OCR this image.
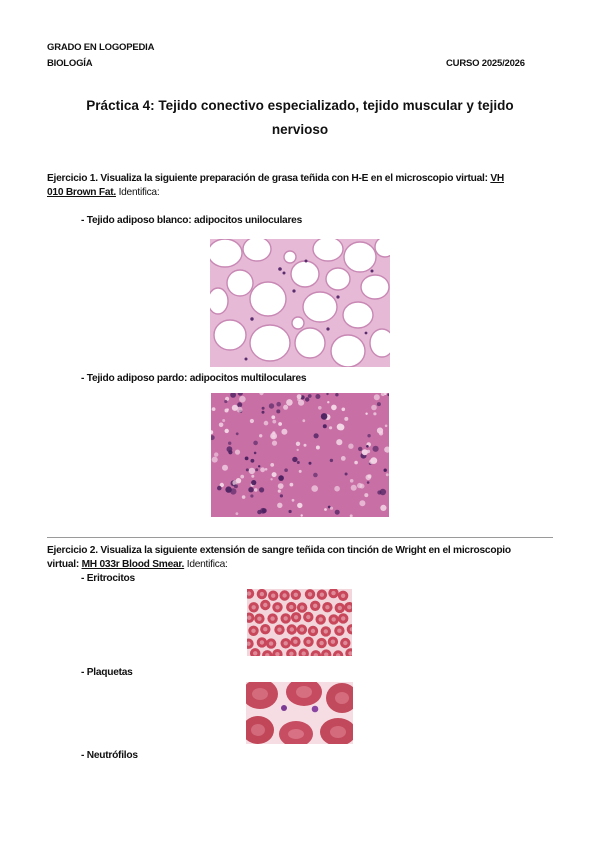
GRADO EN LOGOPEDIA
BIOLOGÍA	CURSO 2025/2026
Práctica 4: Tejido conectivo especializado, tejido muscular y tejido
nervioso
Ejercicio 1. Visualiza la siguiente preparación de grasa teñida con H-E en el microscopio virtual: VH
010 Brown Fat. Identifica:
- Tejido adiposo blanco: adipocitos uniloculares
- Tejido adiposo pardo: adipocitos multiloculares
Ejercicio 2. Visualiza la siguiente extensión de sangre teñida con tinción de Wright en el microscopio
virtual: MH 033r Blood Smear. Identifica:
- Eritrocitos
- Plaquetas
- Neutrófilos
